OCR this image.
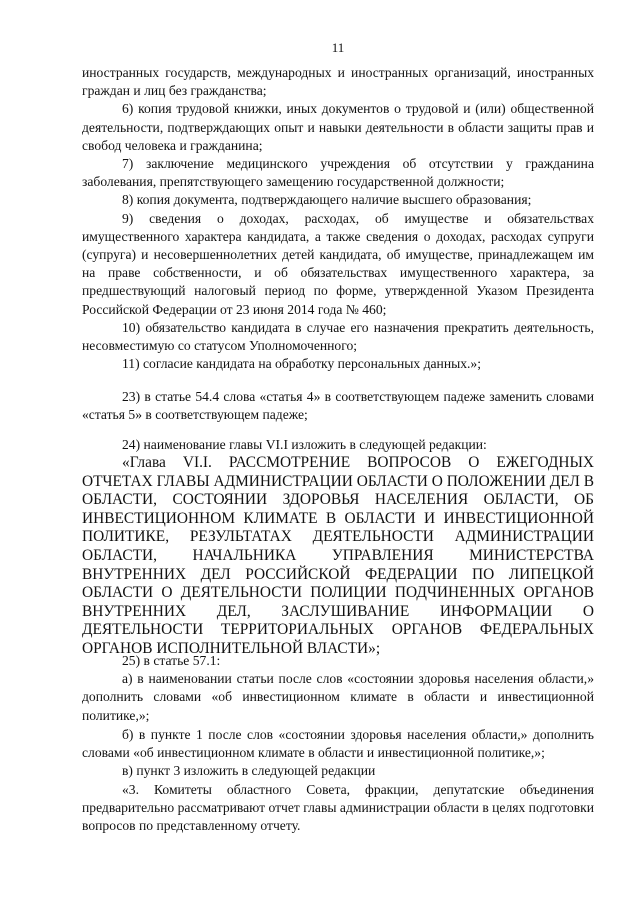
11

иностранных государств, международных и иностранных организаций, иностранных граждан и лиц без гражданства;

6) копия трудовой книжки, иных документов о трудовой и (или) общественной деятельности, подтверждающих опыт и навыки деятельности в области защиты прав и свобод человека и гражданина;

7) заключение медицинского учреждения об отсутствии у гражданина заболевания, препятствующего замещению государственной должности;

8) копия документа, подтверждающего наличие высшего образования;

9) сведения о доходах, расходах, об имуществе и обязательствах имущественного характера кандидата, а также сведения о доходах, расходах супруги (супруга) и несовершеннолетних детей кандидата, об имуществе, принадлежащем им на праве собственности, и об обязательствах имущественного характера, за предшествующий налоговый период по форме, утвержденной Указом Президента Российской Федерации от 23 июня 2014 года № 460;

10) обязательство кандидата в случае его назначения прекратить деятельность, несовместимую со статусом Уполномоченного;

11) согласие кандидата на обработку персональных данных.»;

23) в статье 54.4 слова «статья 4» в соответствующем падеже заменить словами «статья 5» в соответствующем падеже;

24) наименование главы VI.I изложить в следующей редакции:

«Глава VI.I. РАССМОТРЕНИЕ ВОПРОСОВ О ЕЖЕГОДНЫХ ОТЧЕТАХ ГЛАВЫ АДМИНИСТРАЦИИ ОБЛАСТИ О ПОЛОЖЕНИИ ДЕЛ В ОБЛАСТИ, СОСТОЯНИИ ЗДОРОВЬЯ НАСЕЛЕНИЯ ОБЛАСТИ, ОБ ИНВЕСТИЦИОННОМ КЛИМАТЕ В ОБЛАСТИ И ИНВЕСТИЦИОННОЙ ПОЛИТИКЕ, РЕЗУЛЬТАТАХ ДЕЯТЕЛЬНОСТИ АДМИНИСТРАЦИИ ОБЛАСТИ, НАЧАЛЬНИКА УПРАВЛЕНИЯ МИНИСТЕРСТВА ВНУТРЕННИХ ДЕЛ РОССИЙСКОЙ ФЕДЕРАЦИИ ПО ЛИПЕЦКОЙ ОБЛАСТИ О ДЕЯТЕЛЬНОСТИ ПОЛИЦИИ ПОДЧИНЕННЫХ ОРГАНОВ ВНУТРЕННИХ ДЕЛ, ЗАСЛУШИВАНИЕ ИНФОРМАЦИИ О ДЕЯТЕЛЬНОСТИ ТЕРРИТОРИАЛЬНЫХ ОРГАНОВ ФЕДЕРАЛЬНЫХ ОРГАНОВ ИСПОЛНИТЕЛЬНОЙ ВЛАСТИ»;

25) в статье 57.1:

а) в наименовании статьи после слов «состоянии здоровья населения области,» дополнить словами «об инвестиционном климате в области и инвестиционной политике,»;

б) в пункте 1 после слов «состоянии здоровья населения области,» дополнить словами «об инвестиционном климате в области и инвестиционной политике,»;

в) пункт 3 изложить в следующей редакции

«3. Комитеты областного Совета, фракции, депутатские объединения предварительно рассматривают отчет главы администрации области в целях подготовки вопросов по представленному отчету.
